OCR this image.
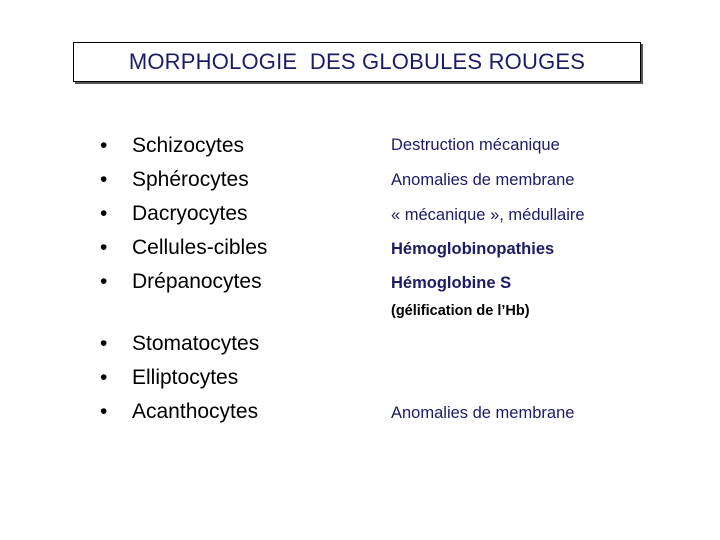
MORPHOLOGIE  DES GLOBULES ROUGES
• Schizocytes
• Sphérocytes
• Dacryocytes
• Cellules-cibles
• Drépanocytes
• Stomatocytes
• Elliptocytes
• Acanthocytes
Destruction mécanique
Anomalies de membrane
« mécanique », médullaire
Hémoglobinopathies
Hémoglobine S
(gélification de l’Hb)
Anomalies de membrane
